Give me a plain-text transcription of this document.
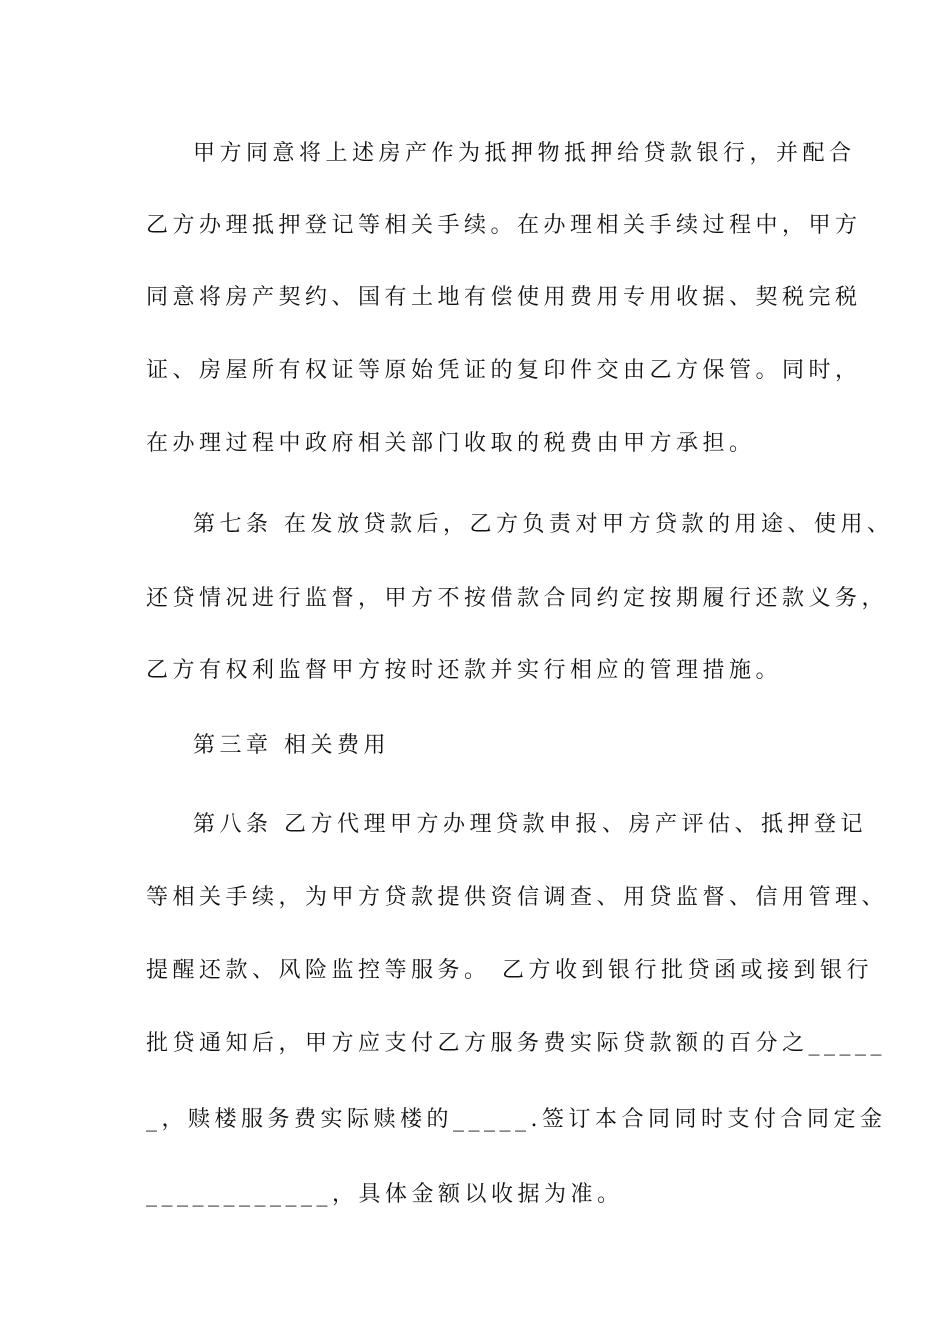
甲方同意将上述房产作为抵押物抵押给贷款银行，并配合
乙方办理抵押登记等相关手续。在办理相关手续过程中，甲方
同意将房产契约、国有土地有偿使用费用专用收据、契税完税
证、房屋所有权证等原始凭证的复印件交由乙方保管。同时，
在办理过程中政府相关部门收取的税费由甲方承担。
第七条 在发放贷款后，乙方负责对甲方贷款的用途、使用、
还贷情况进行监督，甲方不按借款合同约定按期履行还款义务，
乙方有权利监督甲方按时还款并实行相应的管理措施。
第三章 相关费用
第八条 乙方代理甲方办理贷款申报、房产评估、抵押登记
等相关手续，为甲方贷款提供资信调查、用贷监督、信用管理、
提醒还款、风险监控等服务。 乙方收到银行批贷函或接到银行
批贷通知后，甲方应支付乙方服务费实际贷款额的百分之_____
_，赎楼服务费实际赎楼的_____.签订本合同同时支付合同定金
____________，具体金额以收据为准。
